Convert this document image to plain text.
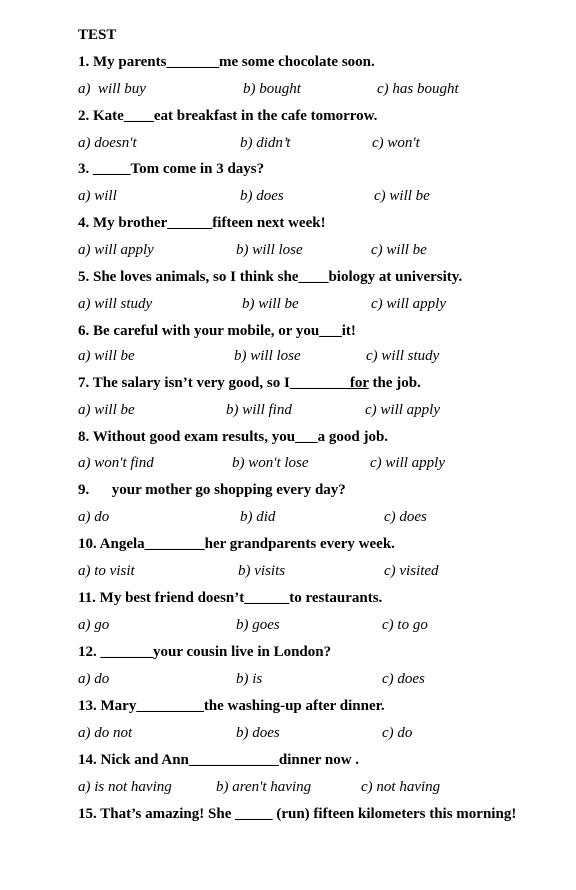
TEST
1. My parents_______me some chocolate soon.
a)  will buy	b) bought	c) has bought
2. Kate____eat breakfast in the cafe tomorrow.
a) doesn't	b) didn’t	c) won't
3. _____Tom come in 3 days?
a) will	b) does	c) will be
4. My brother______fifteen next week!
a) will apply	b) will lose	c) will be
5. She loves animals, so I think she____biology at university.
a) will study	b) will be	c) will apply
6. Be careful with your mobile, or you___it!
a) will be	b) will lose	c) will study
7. The salary isn’t very good, so I________for the job.
a) will be	b) will find	c) will apply
8. Without good exam results, you___a good job.
a) won't find	b) won't lose	c) will apply
9.      your mother go shopping every day?
a) do	b) did	c) does
10. Angela________her grandparents every week.
a) to visit	b) visits	c) visited
11. My best friend doesn’t______to restaurants.
a) go	b) goes	c) to go
12. _______your cousin live in London?
a) do	b) is	c) does
13. Mary_________the washing-up after dinner.
a) do not	b) does	c) do
14. Nick and Ann____________dinner now .
a) is not having	b) aren't having	c) not having
15. That’s amazing! She _____ (run) fifteen kilometers this morning!
